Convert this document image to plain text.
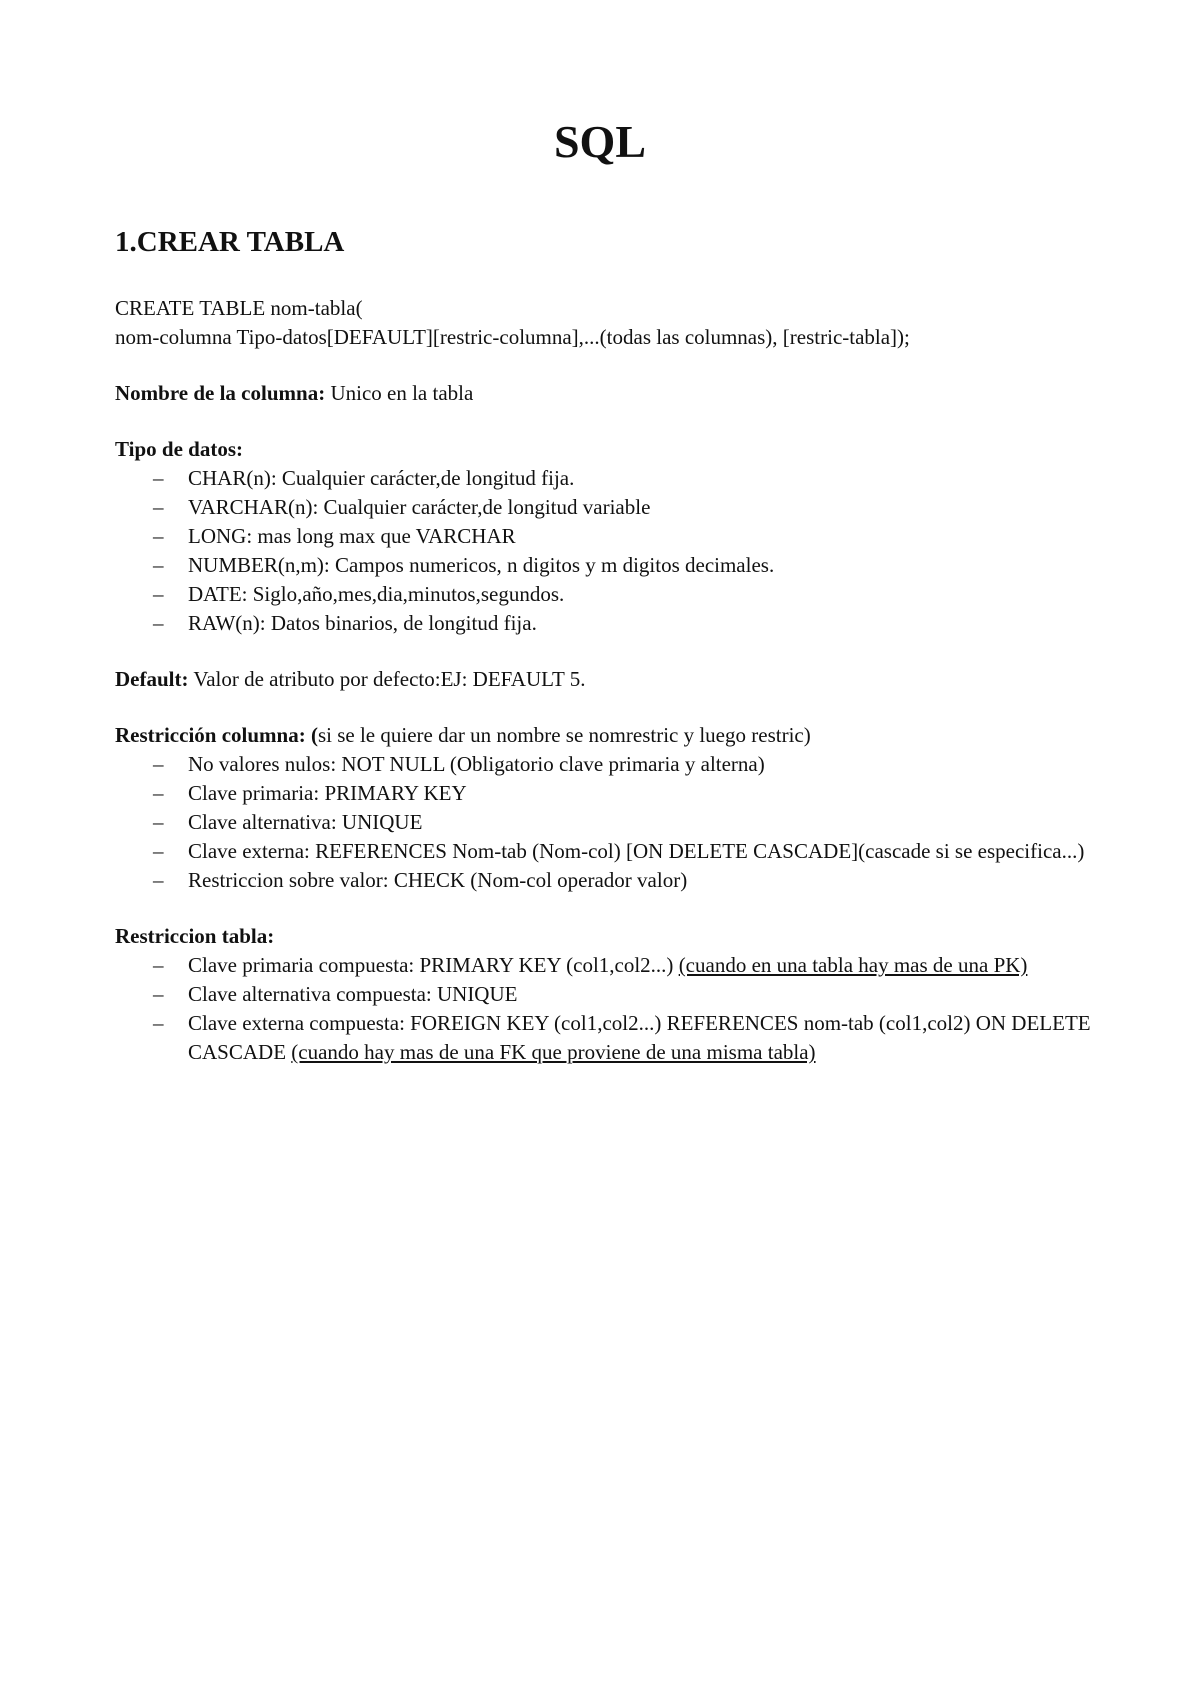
SQL
1.CREAR TABLA

CREATE TABLE nom-tabla(

nom-columna Tipo-datos[DEFAULT][restric-columna],...(todas las columnas), [restric-tabla]);

Nombre de la columna: Unico en la tabla

Tipo de datos:

– CHAR(n): Cualquier carácter,de longitud fija.
– VARCHAR(n): Cualquier carácter,de longitud variable
– LONG: mas long max que VARCHAR
– NUMBER(n,m): Campos numericos, n digitos y m digitos decimales.
– DATE: Siglo,año,mes,dia,minutos,segundos.
– RAW(n): Datos binarios, de longitud fija.

Default: Valor de atributo por defecto:EJ: DEFAULT 5.

Restricción columna: (si se le quiere dar un nombre se nomrestric y luego restric)

– No valores nulos: NOT NULL (Obligatorio clave primaria y alterna)
– Clave primaria: PRIMARY KEY
– Clave alternativa: UNIQUE
– Clave externa: REFERENCES Nom-tab (Nom-col) [ON DELETE CASCADE](cascade si se especifica...)
– Restriccion sobre valor: CHECK (Nom-col operador valor)

Restriccion tabla:

– Clave primaria compuesta: PRIMARY KEY (col1,col2...) (cuando en una tabla hay mas de una PK)
– Clave alternativa compuesta: UNIQUE
– Clave externa compuesta: FOREIGN KEY (col1,col2...) REFERENCES nom-tab (col1,col2) ON DELETE CASCADE (cuando hay mas de una FK que proviene de una misma tabla)
